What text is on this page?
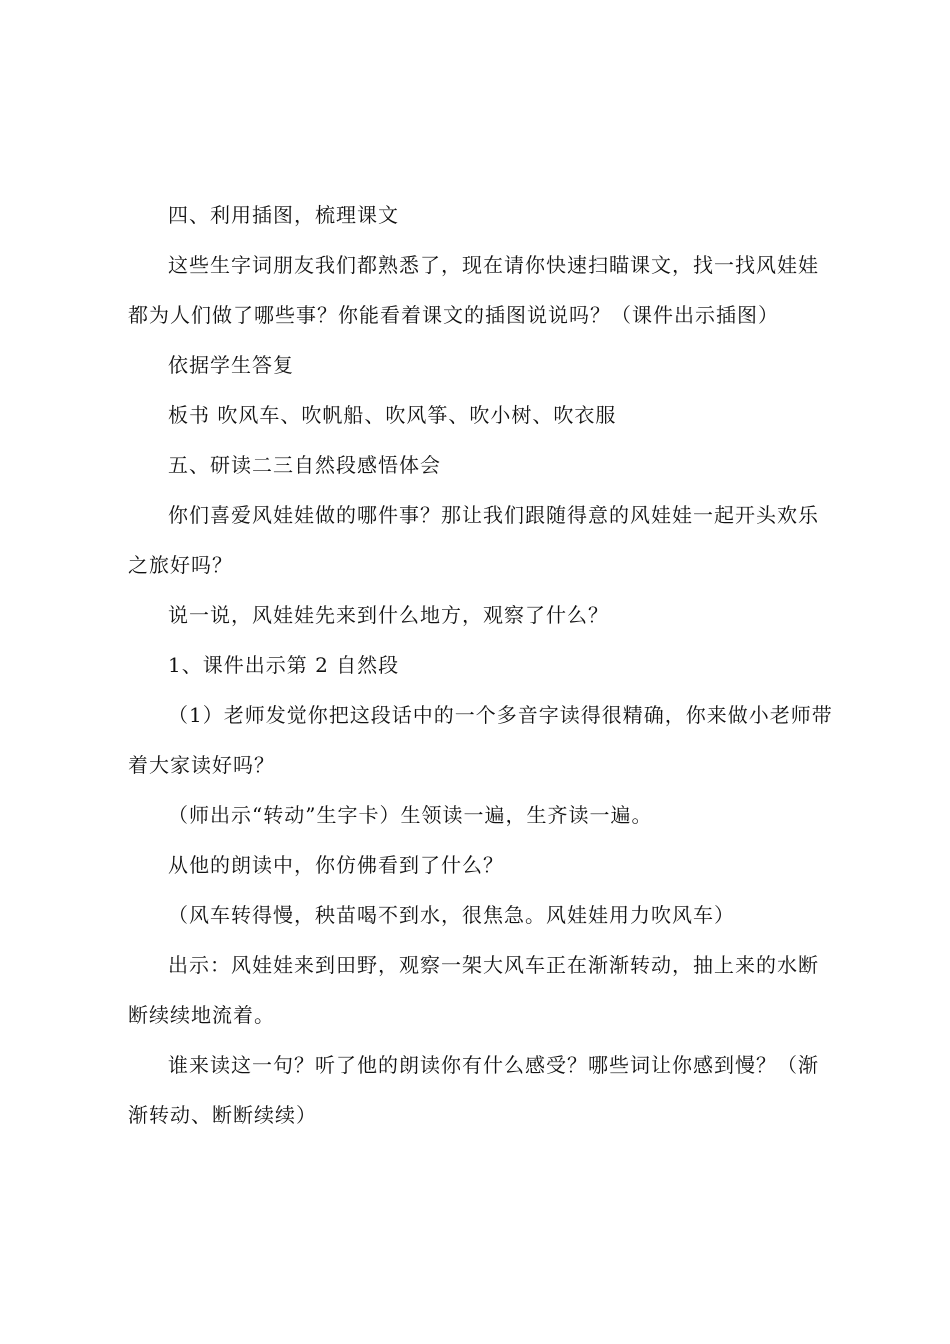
四、利用插图，梳理课文

这些生字词朋友我们都熟悉了，现在请你快速扫瞄课文，找一找风娃娃都为人们做了哪些事？你能看着课文的插图说说吗？（课件出示插图）

依据学生答复

板书 吹风车、吹帆船、吹风筝、吹小树、吹衣服

五、研读二三自然段感悟体会

你们喜爱风娃娃做的哪件事？那让我们跟随得意的风娃娃一起开头欢乐之旅好吗？

说一说，风娃娃先来到什么地方，观察了什么？

1、课件出示第 2 自然段

（1）老师发觉你把这段话中的一个多音字读得很精确，你来做小老师带着大家读好吗？

（师出示“转动”生字卡）生领读一遍，生齐读一遍。

从他的朗读中，你仿佛看到了什么？

（风车转得慢，秧苗喝不到水，很焦急。风娃娃用力吹风车）

出示：风娃娃来到田野，观察一架大风车正在渐渐转动，抽上来的水断断续续地流着。

谁来读这一句？听了他的朗读你有什么感受？哪些词让你感到慢？（渐渐转动、断断续续）
